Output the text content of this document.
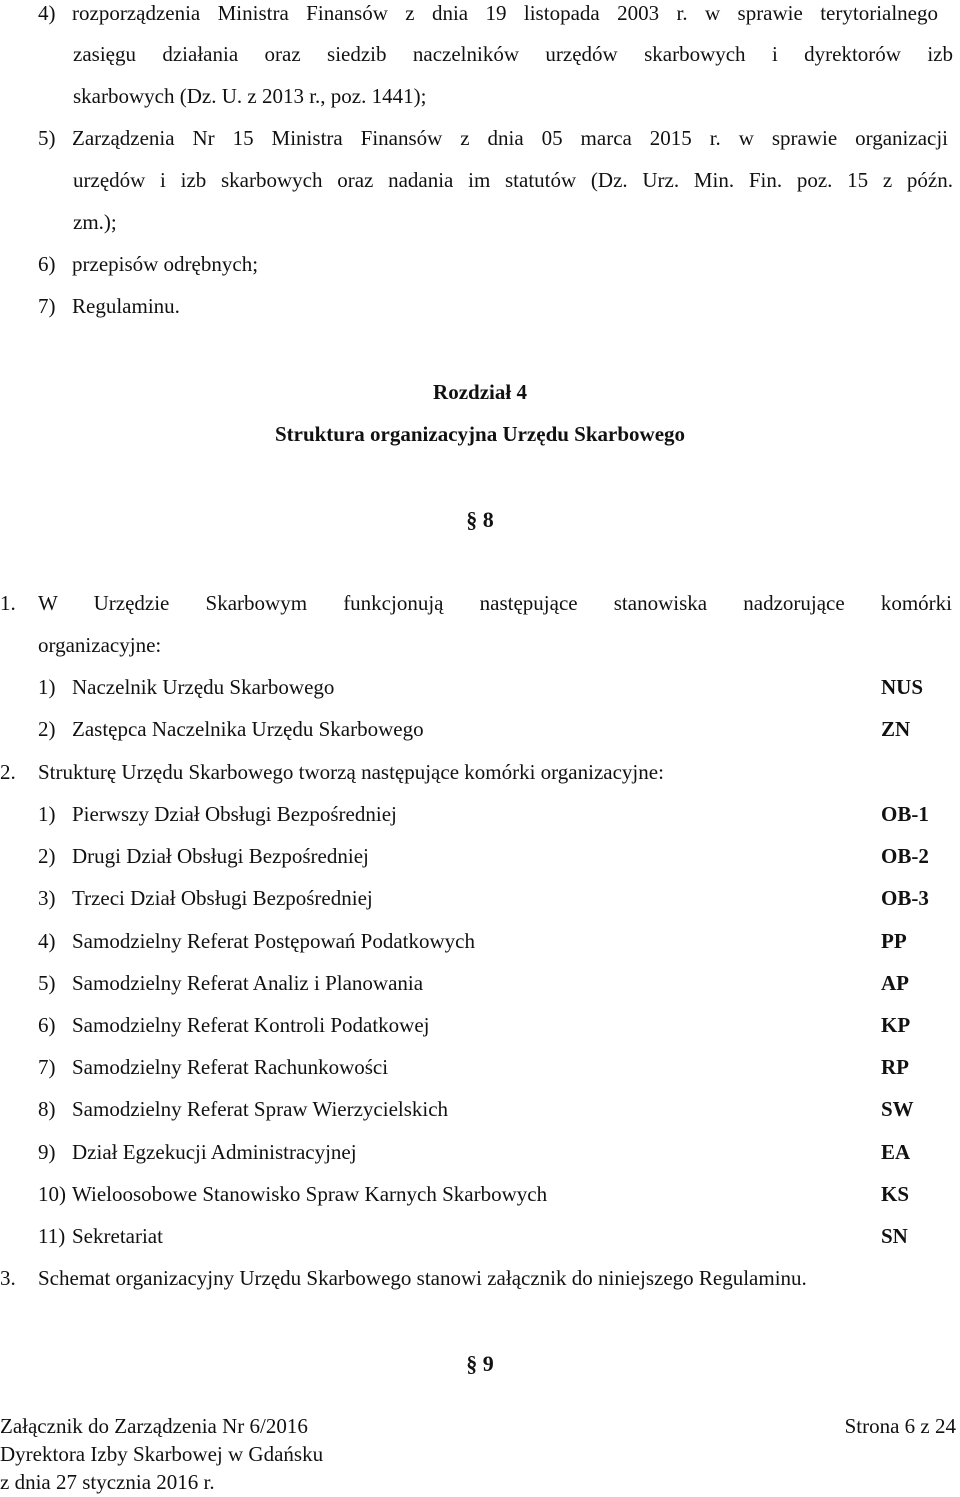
4) rozporządzenia Ministra Finansów z dnia 19 listopada 2003 r. w sprawie terytorialnego
zasięgu działania oraz siedzib naczelników urzędów skarbowych i dyrektorów izb
skarbowych (Dz. U. z 2013 r., poz. 1441);
5) Zarządzenia Nr 15 Ministra Finansów z dnia 05 marca 2015 r. w sprawie organizacji
urzędów i izb skarbowych oraz nadania im statutów (Dz. Urz. Min. Fin. poz. 15 z późn.
zm.);
6) przepisów odrębnych;
7) Regulaminu.
Rozdział 4
Struktura organizacyjna Urzędu Skarbowego
§ 8
1. W Urzędzie Skarbowym funkcjonują następujące stanowiska nadzorujące komórki
organizacyjne:
1) Naczelnik Urzędu Skarbowego	NUS
2) Zastępca Naczelnika Urzędu Skarbowego	ZN
2. Strukturę Urzędu Skarbowego tworzą następujące komórki organizacyjne:
1) Pierwszy Dział Obsługi Bezpośredniej	OB-1
2) Drugi Dział Obsługi Bezpośredniej	OB-2
3) Trzeci Dział Obsługi Bezpośredniej	OB-3
4) Samodzielny Referat Postępowań Podatkowych	PP
5) Samodzielny Referat Analiz i Planowania	AP
6) Samodzielny Referat Kontroli Podatkowej	KP
7) Samodzielny Referat Rachunkowości	RP
8) Samodzielny Referat Spraw Wierzycielskich	SW
9) Dział Egzekucji Administracyjnej	EA
10) Wieloosobowe Stanowisko Spraw Karnych Skarbowych	KS
11) Sekretariat	SN
3. Schemat organizacyjny Urzędu Skarbowego stanowi załącznik do niniejszego Regulaminu.
§ 9
Załącznik do Zarządzenia Nr 6/2016	Strona 6 z 24
Dyrektora Izby Skarbowej w Gdańsku
z dnia 27 stycznia 2016 r.
